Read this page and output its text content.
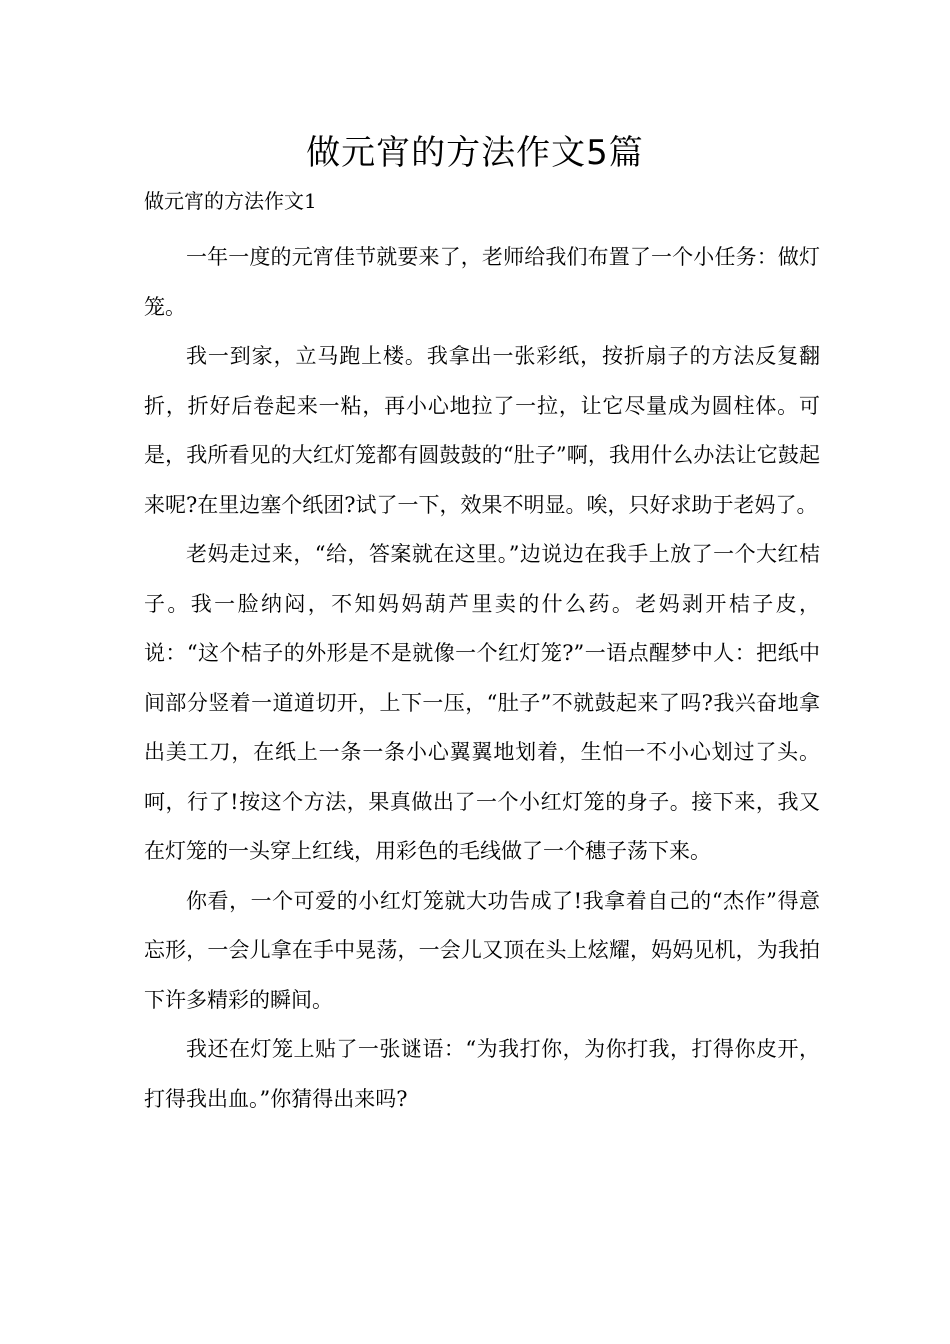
做元宵的方法作文5篇
做元宵的方法作文1

一年一度的元宵佳节就要来了，老师给我们布置了一个小任务：做灯笼。

我一到家，立马跑上楼。我拿出一张彩纸，按折扇子的方法反复翻折，折好后卷起来一粘，再小心地拉了一拉，让它尽量成为圆柱体。可是，我所看见的大红灯笼都有圆鼓鼓的“肚子”啊，我用什么办法让它鼓起来呢?在里边塞个纸团?试了一下，效果不明显。唉，只好求助于老妈了。

老妈走过来，“给，答案就在这里。”边说边在我手上放了一个大红桔子。我一脸纳闷，不知妈妈葫芦里卖的什么药。老妈剥开桔子皮，说：“这个桔子的外形是不是就像一个红灯笼?”一语点醒梦中人：把纸中间部分竖着一道道切开，上下一压，“肚子”不就鼓起来了吗?我兴奋地拿出美工刀，在纸上一条一条小心翼翼地划着，生怕一不小心划过了头。呵，行了!按这个方法，果真做出了一个小红灯笼的身子。接下来，我又在灯笼的一头穿上红线，用彩色的毛线做了一个穗子荡下来。

你看，一个可爱的小红灯笼就大功告成了!我拿着自己的“杰作”得意忘形，一会儿拿在手中晃荡，一会儿又顶在头上炫耀，妈妈见机，为我拍下许多精彩的瞬间。

我还在灯笼上贴了一张谜语：“为我打你，为你打我，打得你皮开，打得我出血。”你猜得出来吗?
